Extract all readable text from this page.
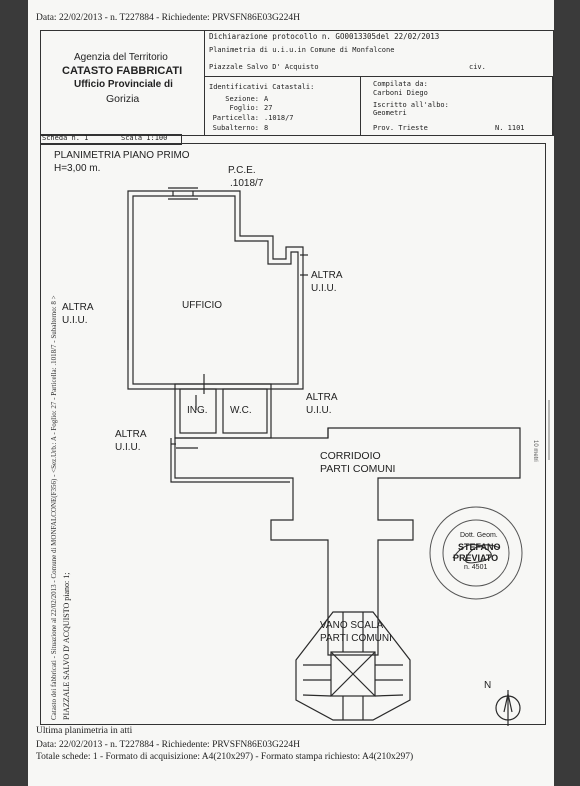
Data: 22/02/2013 - n. T227884 - Richiedente: PRVSFN86E03G224H
Agenzia del Territorio
CATASTO FABBRICATI
Ufficio Provinciale di
Gorizia
Dichiarazione protocollo n. GO0013305del 22/02/2013
Planimetria di u.i.u.in Comune di Monfalcone
Piazzale Salvo D' Acquisto	civ.
Identificativi Catastali:
Sezione: A
Foglio: 27
Particella: .1018/7
Subalterno: 8
Compilata da:
Carboni Diego
Iscritto all'albo:
Geometri
Prov. Trieste	N. 1101
Scheda n. 1	Scala 1:100
PLANIMETRIA PIANO PRIMO
H=3,00 m.	P.C.E.
.1018/7
UFFICIO
ALTRA
U.I.U.
ALTRA
U.I.U.
ALTRA
U.I.U.
ALTRA
U.I.U.
ING. W.C.
CORRIDOIO
PARTI COMUNI
VANO SCALA
PARTI COMUNI
N
10 metri
Dott. Geom.
STEFANO
PREVIATO
n. 4501
Catasto dei fabbricati - Situazione al 22/02/2013 - Comune di MONFALCONE(F356) - <Sez.Urb.: A - Foglio: 27 - Particella: .1018/7 - Subalterno: 8 > PIAZZALE SALVO D' ACQUISTO piano: 1;
Ultima planimetria in atti
Data: 22/02/2013 - n. T227884 - Richiedente: PRVSFN86E03G224H
Totale schede: 1 - Formato di acquisizione: A4(210x297) - Formato stampa richiesto: A4(210x297)
